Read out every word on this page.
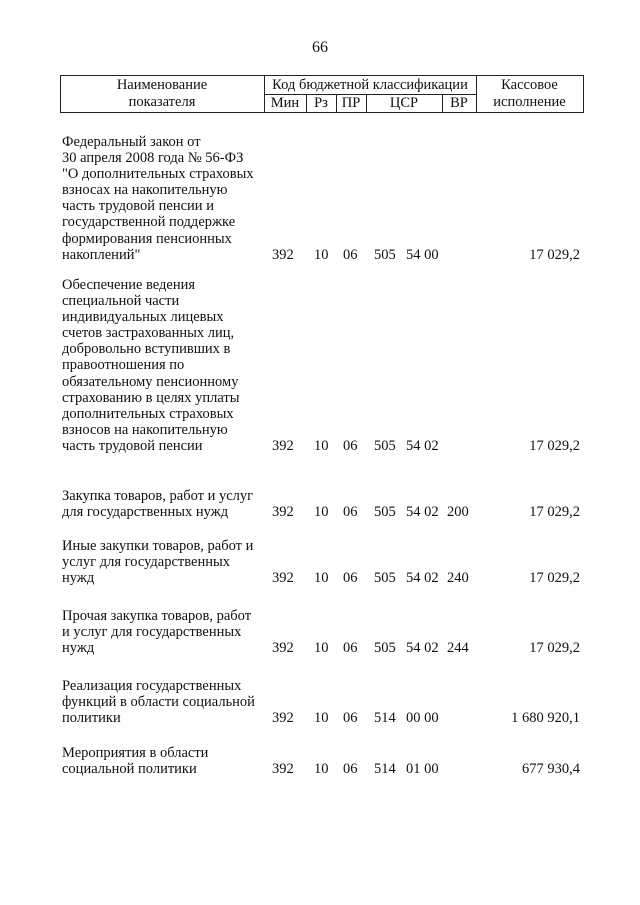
66
Наименование
показателя
Код бюджетной классификации
Мин	Рз ПР	ЦСР	ВР
Кассовое
исполнение
Федеральный закон от
30 апреля 2008 года № 56-ФЗ
"О дополнительных страховых
взносах на накопительную
часть трудовой пенсии и
государственной поддержке
формирования пенсионных
накоплений"	392 10 06 505 54 00	17 029,2
Обеспечение ведения
специальной части
индивидуальных лицевых
счетов застрахованных лиц,
добровольно вступивших в
правоотношения по
обязательному пенсионному
страхованию в целях уплаты
дополнительных страховых
взносов на накопительную
часть трудовой пенсии	392 10 06 505 54 02	17 029,2
Закупка товаров, работ и услуг
для государственных нужд	392 10 06 505 54 02 200	17 029,2
Иные закупки товаров, работ и
услуг для государственных
нужд	392 10 06 505 54 02 240	17 029,2
Прочая закупка товаров, работ
и услуг для государственных
нужд	392 10 06 505 54 02 244	17 029,2
Реализация государственных
функций в области социальной
политики	392 10 06 514 00 00	1 680 920,1
Мероприятия в области
социальной политики	392 10 06 514 01 00	677 930,4
